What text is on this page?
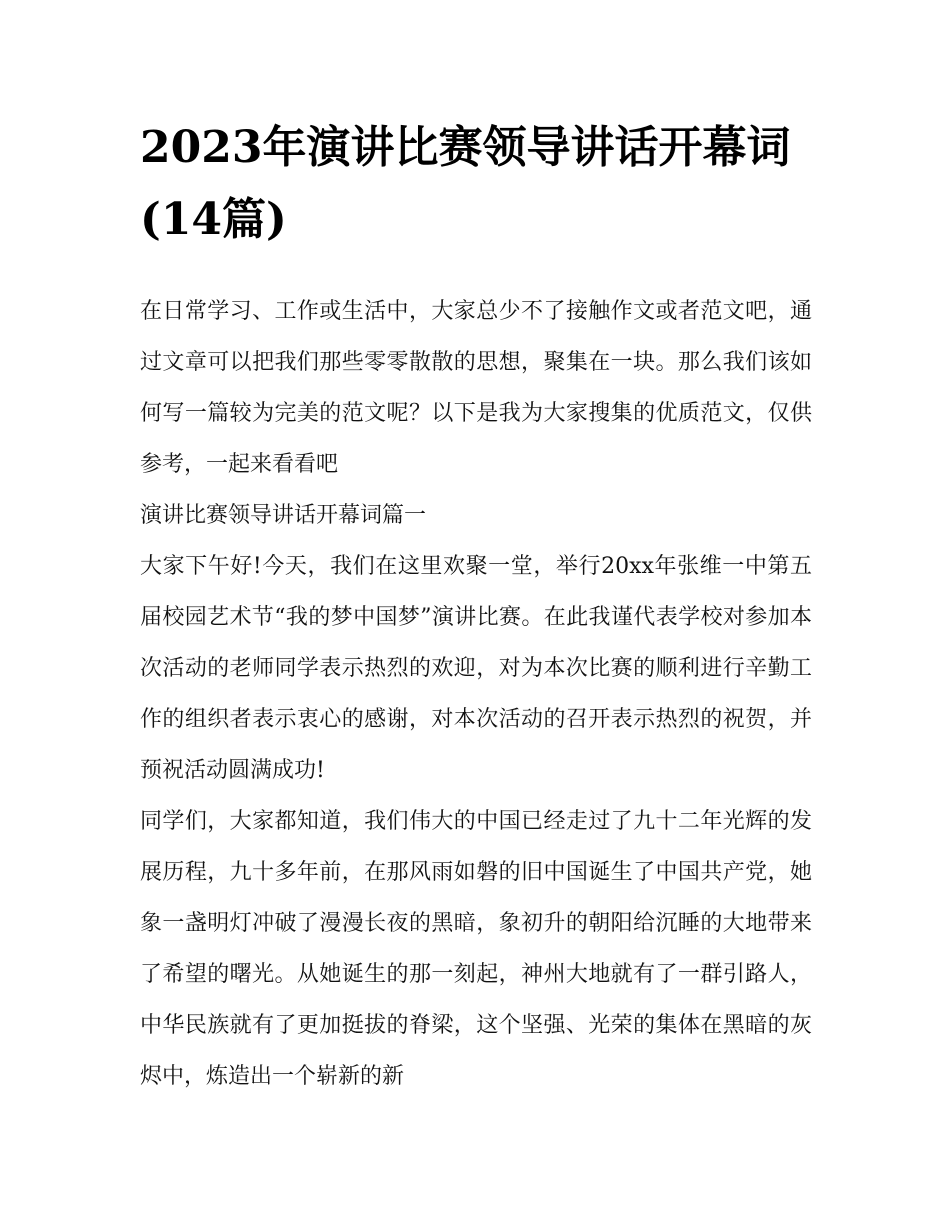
2023年演讲比赛领导讲话开幕词(14篇)

在日常学习、工作或生活中，大家总少不了接触作文或者范文吧，通过文章可以把我们那些零零散散的思想，聚集在一块。那么我们该如何写一篇较为完美的范文呢？以下是我为大家搜集的优质范文，仅供参考，一起来看看吧

演讲比赛领导讲话开幕词篇一

大家下午好!今天，我们在这里欢聚一堂，举行20xx年张维一中第五届校园艺术节“我的梦中国梦”演讲比赛。在此我谨代表学校对参加本次活动的老师同学表示热烈的欢迎，对为本次比赛的顺利进行辛勤工作的组织者表示衷心的感谢，对本次活动的召开表示热烈的祝贺，并预祝活动圆满成功!

同学们，大家都知道，我们伟大的中国已经走过了九十二年光辉的发展历程，九十多年前，在那风雨如磐的旧中国诞生了中国共产党，她象一盏明灯冲破了漫漫长夜的黑暗，象初升的朝阳给沉睡的大地带来了希望的曙光。从她诞生的那一刻起，神州大地就有了一群引路人，中华民族就有了更加挺拔的脊梁，这个坚强、光荣的集体在黑暗的灰烬中，炼造出一个崭新的新
